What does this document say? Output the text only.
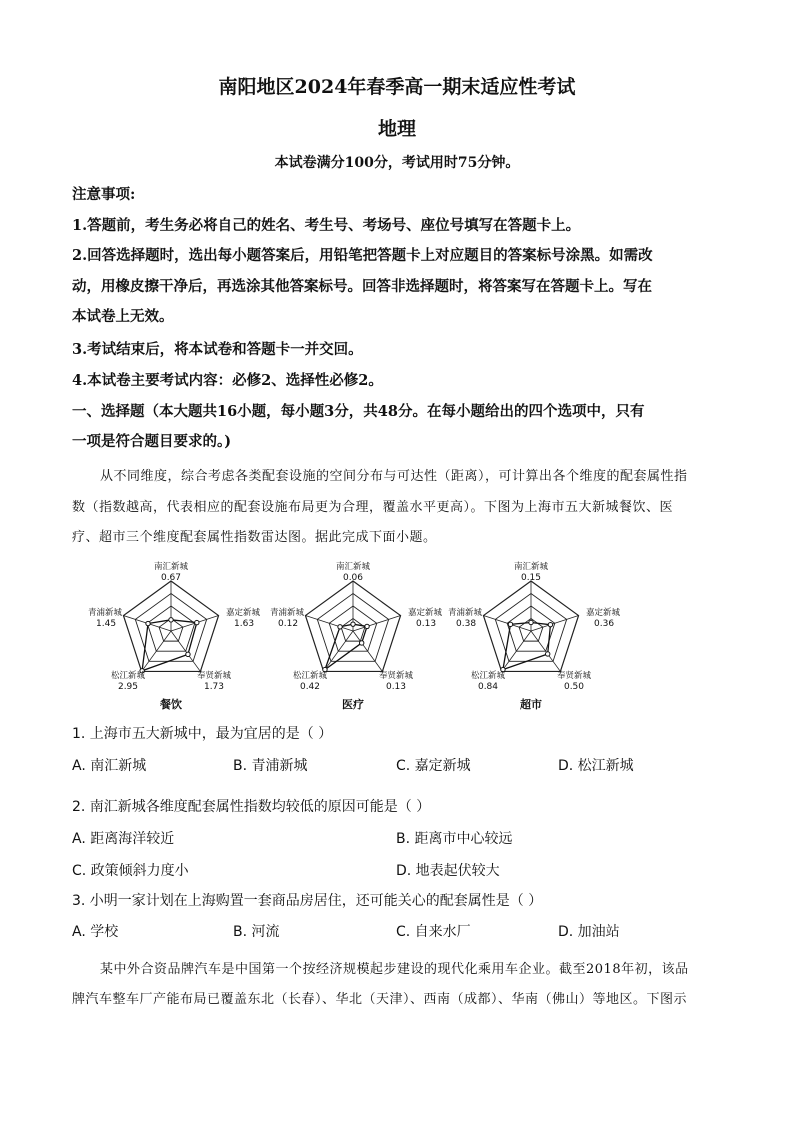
南阳地区2024年春季高一期末适应性考试
地理
本试卷满分100分，考试用时75分钟。
注意事项:
1.答题前，考生务必将自己的姓名、考生号、考场号、座位号填写在答题卡上。
2.回答选择题时，选出每小题答案后，用铅笔把答题卡上对应题目的答案标号涂黑。如需改
动，用橡皮擦干净后，再选涂其他答案标号。回答非选择题时，将答案写在答题卡上。写在
本试卷上无效。
3.考试结束后，将本试卷和答题卡一并交回。
4.本试卷主要考试内容：必修2、选择性必修2。
一、选择题（本大题共16小题，每小题3分，共48分。在每小题给出的四个选项中，只有
一项是符合题目要求的。)
从不同维度，综合考虑各类配套设施的空间分布与可达性（距离），可计算出各个维度的配套属性指
数（指数越高，代表相应的配套设施布局更为合理，覆盖水平更高）。下图为上海市五大新城餐饮、医
疗、超市三个维度配套属性指数雷达图。据此完成下面小题。
南汇新城
0.67
嘉定新城
1.63
奉贤新城
1.73
松江新城
2.95
青浦新城
1.45
餐饮
南汇新城
0.06
嘉定新城
0.13
奉贤新城
0.13
松江新城
0.42
青浦新城
0.12
医疗
南汇新城
0.15
嘉定新城
0.36
奉贤新城
0.50
松江新城
0.84
青浦新城
0.38
超市
1. 上海市五大新城中，最为宜居的是（ ）
A. 南汇新城	B. 青浦新城	C. 嘉定新城	D. 松江新城
2. 南汇新城各维度配套属性指数均较低的原因可能是（ ）
A. 距离海洋较近	B. 距离市中心较远
C. 政策倾斜力度小	D. 地表起伏较大
3. 小明一家计划在上海购置一套商品房居住，还可能关心的配套属性是（ ）
A. 学校	B. 河流	C. 自来水厂	D. 加油站
某中外合资品牌汽车是中国第一个按经济规模起步建设的现代化乘用车企业。截至2018年初，该品
牌汽车整车厂产能布局已覆盖东北（长春）、华北（天津）、西南（成都）、华南（佛山）等地区。下图示
